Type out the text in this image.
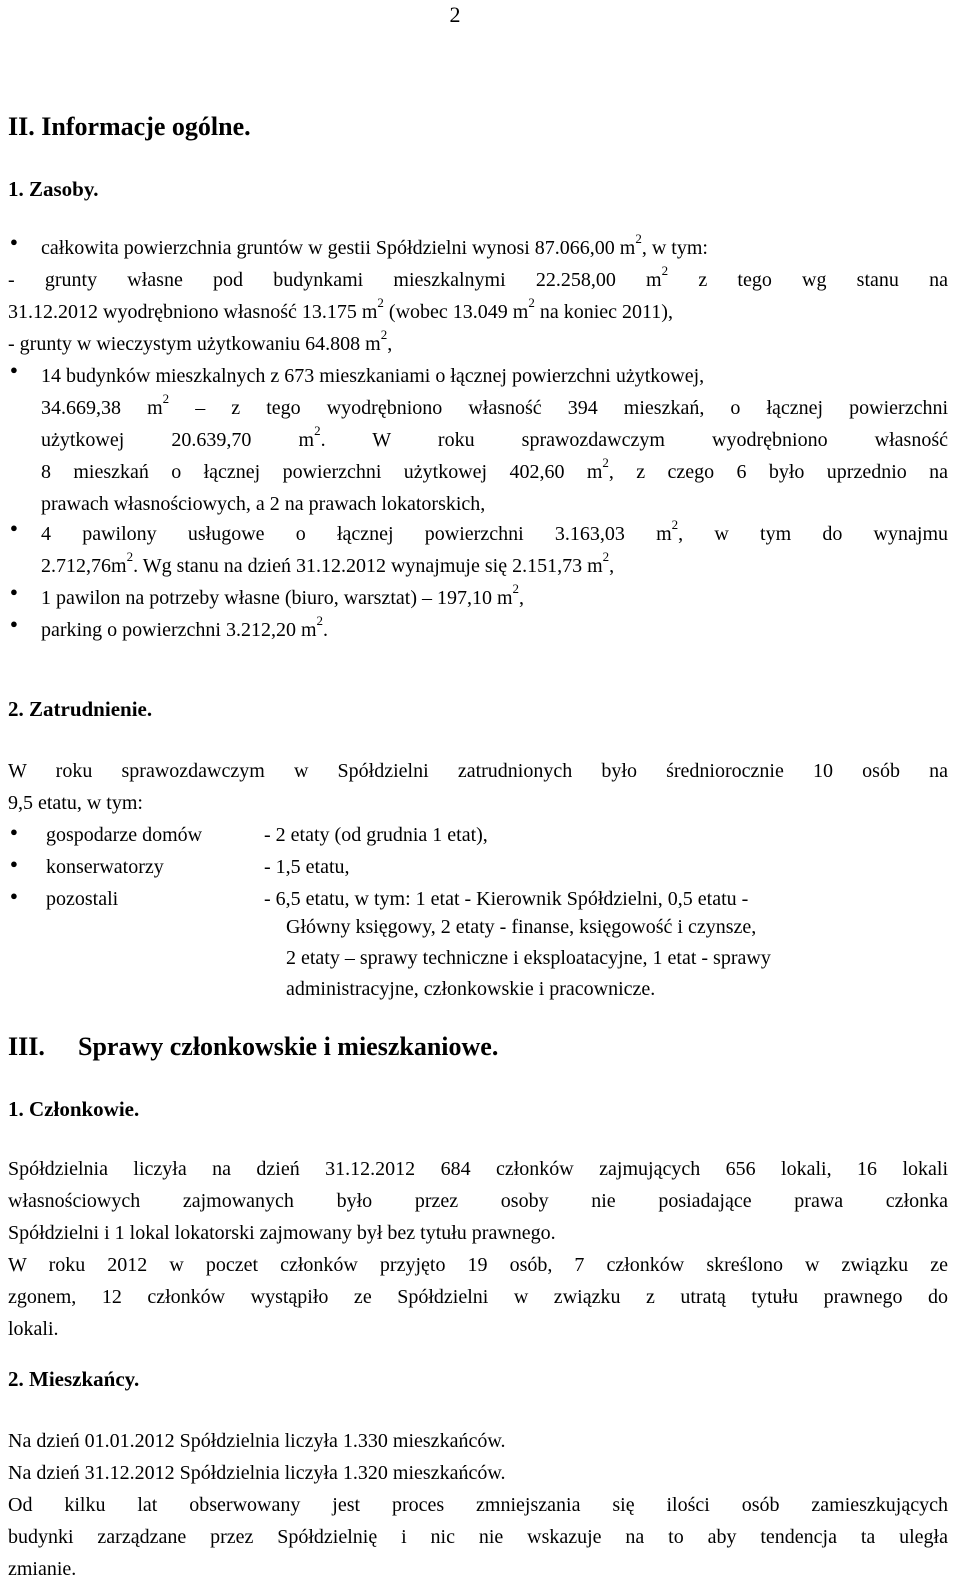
2
II. Informacje ogólne.
1. Zasoby.
całkowita powierzchnia gruntów w gestii Spółdzielni wynosi 87.066,00 $m^2$, w tym:
- grunty własne pod budynkami mieszkalnymi 22.258,00 $m^2$ z tego wg stanu na
31.12.2012 wyodrębniono własność 13.175 $m^2$ (wobec 13.049 $m^2$ na koniec 2011),
- grunty w wieczystym użytkowaniu 64.808 $m^2$,
14 budynków mieszkalnych z 673 mieszkaniami o łącznej powierzchni użytkowej,
34.669,38 $m^2$ – z tego wyodrębniono własność 394 mieszkań, o łącznej powierzchni
użytkowej 20.639,70 $m^2$. W roku sprawozdawczym wyodrębniono własność
8 mieszkań o łącznej powierzchni użytkowej 402,60 $m^2$, z czego 6 było uprzednio na
prawach własnościowych, a 2 na prawach lokatorskich,
4 pawilony usługowe o łącznej powierzchni 3.163,03 $m^2$, w tym do wynajmu
$2.712,76m^2$. Wg stanu na dzień 31.12.2012 wynajmuje się 2.151,73 $m^2$,
1 pawilon na potrzeby własne (biuro, warsztat) – 197,10 $m^2$,
parking o powierzchni 3.212,20 $m^2$.
2. Zatrudnienie.
W roku sprawozdawczym w Spółdzielni zatrudnionych było średniorocznie 10 osób na
9,5 etatu, w tym:
● gospodarze domów	- 2 etaty (od grudnia 1 etat),
● konserwatorzy	- 1,5 etatu,
● pozostali	- 6,5 etatu, w tym: 1 etat - Kierownik Spółdzielni, 0,5 etatu -
Główny księgowy, 2 etaty - finanse, księgowość i czynsze,
2 etaty – sprawy techniczne i eksploatacyjne, 1 etat - sprawy
administracyjne, członkowskie i pracownicze.
III. Sprawy członkowskie i mieszkaniowe.
1. Członkowie.
Spółdzielnia liczyła na dzień 31.12.2012 684 członków zajmujących 656 lokali, 16 lokali
własnościowych zajmowanych było przez osoby nie posiadające prawa członka
Spółdzielni i 1 lokal lokatorski zajmowany był bez tytułu prawnego.
W roku 2012 w poczet członków przyjęto 19 osób, 7 członków skreślono w związku ze
zgonem, 12 członków wystąpiło ze Spółdzielni w związku z utratą tytułu prawnego do
lokali.
2. Mieszkańcy.
Na dzień 01.01.2012 Spółdzielnia liczyła 1.330 mieszkańców.
Na dzień 31.12.2012 Spółdzielnia liczyła 1.320 mieszkańców.
Od kilku lat obserwowany jest proces zmniejszania się ilości osób zamieszkujących
budynki zarządzane przez Spółdzielnię i nic nie wskazuje na to aby tendencja ta uległa
zmianie.
